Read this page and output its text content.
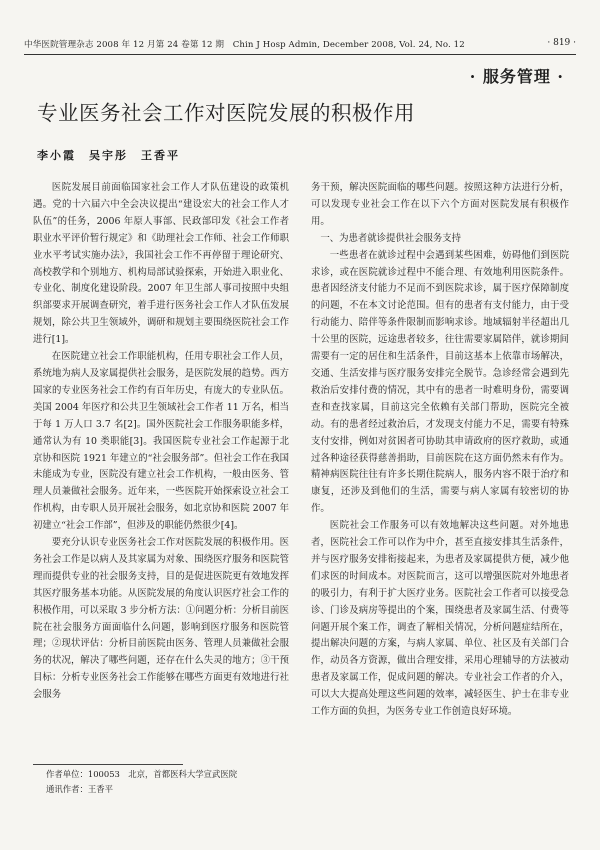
中华医院管理杂志 2008 年 12 月第 24 卷第 12 期　Chin J Hosp Admin, December 2008, Vol. 24, No. 12	· 819 ·
· 服务管理 ·
专业医务社会工作对医院发展的积极作用
李小霞　吴宇彤　王香平

医院发展目前面临国家社会工作人才队伍建设的政策机遇。党的十六届六中全会决议提出“建设宏大的社会工作人才队伍”的任务，2006 年原人事部、民政部印发《社会工作者职业水平评价暂行规定》和《助理社会工作师、社会工作师职业水平考试实施办法》，我国社会工作不再停留于理论研究、高校教学和个别地方、机构局部试验探索，开始进入职业化、专业化、制度化建设阶段。2007 年卫生部人事司按照中央组织部要求开展调查研究，着手进行医务社会工作人才队伍发展规划，除公共卫生领域外，调研和规划主要围绕医院社会工作进行[1]。

在医院建立社会工作职能机构，任用专职社会工作人员，系统地为病人及家属提供社会服务，是医院发展的趋势。西方国家的专业医务社会工作约有百年历史，有庞大的专业队伍。美国 2004 年医疗和公共卫生领域社会工作者 11 万名，相当于每 1 万人口 3.7 名[2]。国外医院社会工作服务职能多样，通常认为有 10 类职能[3]。我国医院专业社会工作起源于北京协和医院 1921 年建立的“社会服务部”。但社会工作在我国未能成为专业，医院没有建立社会工作机构，一般由医务、管理人员兼做社会服务。近年来，一些医院开始探索设立社会工作机构，由专职人员开展社会服务，如北京协和医院 2007 年初建立“社会工作部”，但涉及的职能仍然很少[4]。

要充分认识专业医务社会工作对医院发展的积极作用。医务社会工作是以病人及其家属为对象、围绕医疗服务和医院管理而提供专业的社会服务支持，目的是促进医院更有效地发挥其医疗服务基本功能。从医院发展的角度认识医疗社会工作的积极作用，可以采取 3 步分析方法：①问题分析：分析目前医院在社会服务方面面临什么问题，影响到医疗服务和医院管理；②现状评估：分析目前医院由医务、管理人员兼做社会服务的状况，解决了哪些问题，还存在什么失灵的地方；③干预目标：分析专业医务社会工作能够在哪些方面更有效地进行社会服务

务干预，解决医院面临的哪些问题。按照这种方法进行分析，可以发现专业社会工作在以下六个方面对医院发展有积极作用。

一、为患者就诊提供社会服务支持

一些患者在就诊过程中会遇到某些困难，妨碍他们到医院求诊，或在医院就诊过程中不能合理、有效地利用医院条件。患者因经济支付能力不足而不到医院求诊，属于医疗保障制度的问题，不在本文讨论范围。但有的患者有支付能力，由于受行动能力、陪伴等条件限制而影响求诊。地域辐射半径超出几十公里的医院，远途患者较多，往往需要家属陪伴，就诊期间需要有一定的居住和生活条件，目前这基本上依靠市场解决，交通、生活安排与医疗服务安排完全脱节。急诊经常会遇到先救治后安排付费的情况，其中有的患者一时难明身份，需要调查和查找家属，目前这完全依赖有关部门帮助，医院完全被动。有的患者经过救治后，才发现支付能力不足，需要有特殊支付安排，例如对贫困者可协助其申请政府的医疗救助，或通过各种途径获得慈善捐助，目前医院在这方面仍然未有作为。精神病医院往往有许多长期住院病人，服务内容不限于治疗和康复，还涉及到他们的生活，需要与病人家属有较密切的协作。

医院社会工作服务可以有效地解决这些问题。对外地患者，医院社会工作可以作为中介，甚至直接安排其生活条件，并与医疗服务安排衔接起来，为患者及家属提供方便，减少他们求医的时间成本。对医院而言，这可以增强医院对外地患者的吸引力，有利于扩大医疗业务。医院社会工作者可以接受急诊、门诊及病房等提出的个案，围绕患者及家属生活、付费等问题开展个案工作，调查了解相关情况，分析问题症结所在，提出解决问题的方案，与病人家属、单位、社区及有关部门合作，动员各方资源，做出合理安排，采用心理辅导的方法被动患者及家属工作，促成问题的解决。专业社会工作者的介入，可以大大提高处理这些问题的效率，减轻医生、护士在非专业工作方面的负担，为医务专业工作创造良好环境。

作者单位：100053　北京，首都医科大学宣武医院
通讯作者：王香平
